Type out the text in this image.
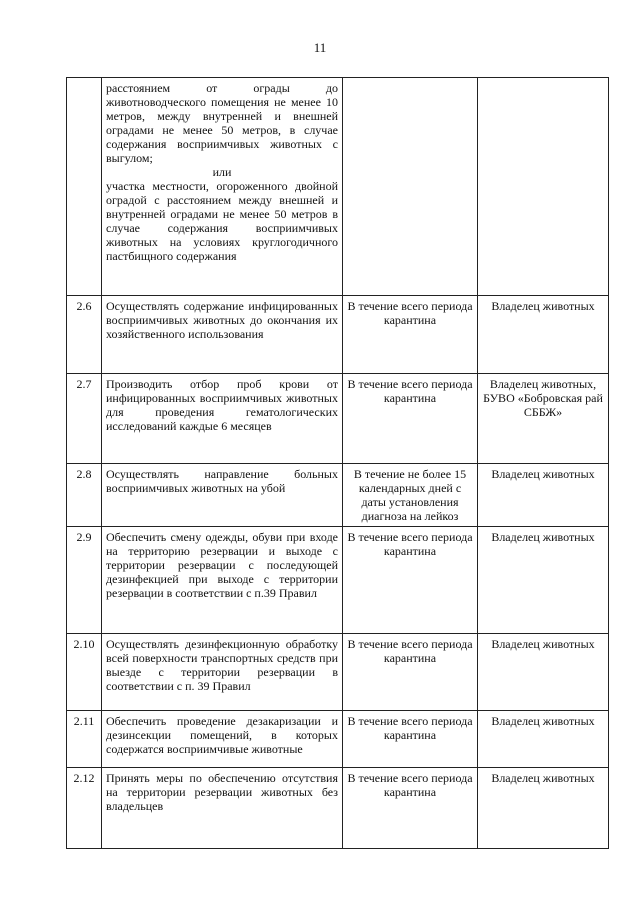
11

	расстоянием от ограды до животноводческого помещения не менее 10 метров, между внутренней и внешней оградами не менее 50 метров, в случае содержания восприимчивых животных с выгулом;
или
участка местности, огороженного двойной оградой с расстоянием между внешней и внутренней оградами не менее 50 метров в случае содержания восприимчивых животных на условиях круглогодичного пастбищного содержания		

2.6	Осуществлять содержание инфицированных восприимчивых животных до окончания их хозяйственного использования	В течение всего периода карантина	Владелец животных
2.7	Производить отбор проб крови от инфицированных восприимчивых животных для проведения гематологических исследований каждые 6 месяцев	В течение всего периода карантина	Владелец животных, БУВО «Бобровская рай СББЖ»
2.8	Осуществлять направление больных восприимчивых животных на убой	В течение не более 15 календарных дней с даты установления диагноза на лейкоз	Владелец животных
2.9	Обеспечить смену одежды, обуви при входе на территорию резервации и выходе с территории резервации с последующей дезинфекцией при выходе с территории резервации в соответствии с п.39 Правил	В течение всего периода карантина	Владелец животных
2.10	Осуществлять дезинфекционную обработку всей поверхности транспортных средств при выезде с территории резервации в соответствии с п. 39 Правил	В течение всего периода карантина	Владелец животных
2.11	Обеспечить проведение дезакаризации и дезинсекции помещений, в которых содержатся восприимчивые животные	В течение всего периода карантина	Владелец животных
2.12	Принять меры по обеспечению отсутствия на территории резервации животных без владельцев	В течение всего периода карантина	Владелец животных
